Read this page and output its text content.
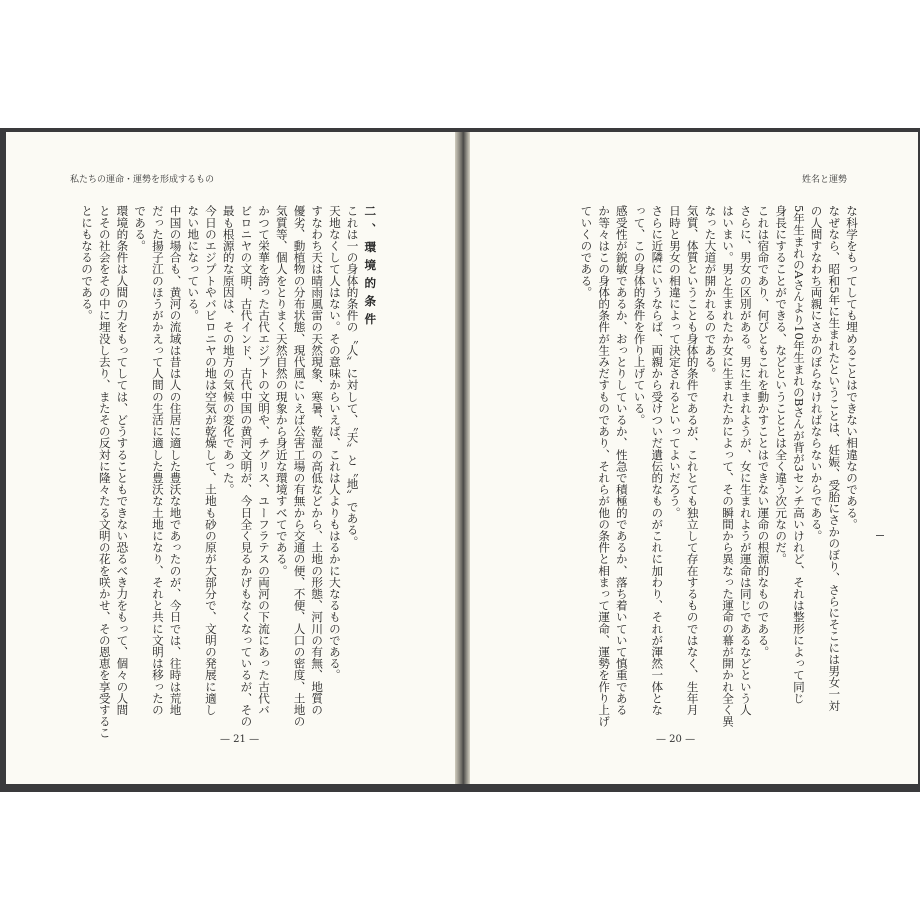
私たちの運命・運勢を形成するもの

二、環境的条件

これは一の身体的条件の〝人〟に対して、〝天〟と〝地〟である。

天地なくして人はない。その意味からいえば、これは人よりもはるかに大なるものである。

すなわち天は晴雨風雷の天然現象、寒暑、乾湿の高低などから、土地の形態、河川の有無、地質の

優劣、動植物の分布状態、現代風にいえば公害工場の有無から交通の便、不便、人口の密度、土地の

気質等、個人をとりまく天然自然の現象から身近な環境すべてである。

かつて栄華を誇った古代エジプトの文明や、チグリス、ユーフラテスの両河の下流にあった古代バ

ビロニヤの文明、古代インド、古代中国の黄河文明が、今日全く見るかげもなくなっているが、その

最も根源的な原因は、その地方の気候の変化であった。

今日のエジプトやバビロニヤの地は空気が乾燥して、土地も砂の原が大部分で、文明の発展に適し

ない地になっている。

中国の場合も、黄河の流域は昔は人の住居に適した豊沃な地であったのが、今日では、往時は荒地

だった揚子江のほうがかえって人間の生活に適した豊沃な土地になり、それと共に文明は移ったの

である。

環境的条件は人間の力をもってしては、どうすることもできない恐るべき力をもって、個々の人間

とその社会をその中に埋没し去り、またその反対に隆々たる文明の花を咲かせ、その恩恵を享受するこ

とにもなるのである。

— 21 —
姓名と運勢

な科学をもってしても埋めることはできない相違なのである。

なぜなら、昭和5年に生まれたということは、妊娠、受胎にさかのぼり、さらにそこには男女一対

の人間すなわち両親にさかのぼらなければならないからである。

5年生まれのAさんより10年生まれのBさんが背が3センチ高いけれど、それは整形によって同じ

身長にすることができる、などということとは全く違う次元なのだ。

これは宿命であり、何びともこれを動かすことはできない運命の根源的なものである。

さらに、男女の区別がある。男に生まれようが、女に生まれようが運命は同じであるなどという人

はいまい。男と生まれたか女に生まれたかによって、その瞬間から異なった運命の幕が開かれ全く異

なった大道が開かれるのである。

気質、体質ということも身体的条件であるが、これとても独立して存在するものではなく、生年月

日時と男女の相違によって決定されるといってよいだろう。

さらに近隣にいうならば、両親から受けついだ遺伝的なものがこれに加わり、それが渾然一体とな

って、この身体的条件を作り上げている。

感受性が鋭敏であるか、おっとりしているか、性急で積極的であるか、落ち着いていて慎重である

か等々はこの身体的条件が生みだすものであり、それらが他の条件と相まって運命、運勢を作り上げ

ていくのである。

— 20 —
